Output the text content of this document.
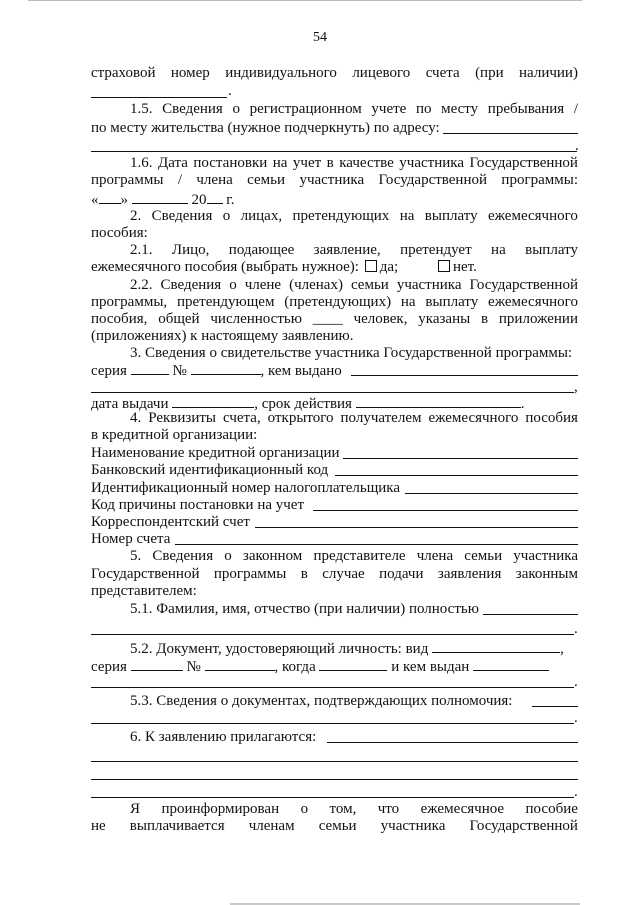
54
страховой номер индивидуального лицевого счета (при наличии)
.
1.5. Сведения о регистрационном учете по месту пребывания /
по месту жительства (нужное подчеркнуть) по адресу:
.
1.6. Дата постановки на учет в качестве участника Государственной
программы / члена семьи участника Государственной программы:
« »	20 г.
2. Сведения о лицах, претендующих на выплату ежемесячного
пособия:
2.1. Лицо, подающее заявление, претендует на выплату
ежемесячного пособия (выбрать нужное): да;	нет.
2.2. Сведения о члене (членах) семьи участника Государственной
программы, претендующем (претендующих) на выплату ежемесячного
пособия, общей численностью ____ человек, указаны в приложении
(приложениях) к настоящему заявлению.
3. Сведения о свидетельстве участника Государственной программы:
серия	№	, кем выдано
,
дата выдачи	, срок действия	.
4. Реквизиты счета, открытого получателем ежемесячного пособия
в кредитной организации:
Наименование кредитной организации
Банковский идентификационный код
Идентификационный номер налогоплательщика
Код причины постановки на учет
Корреспондентский счет
Номер счета
5. Сведения о законном представителе члена семьи участника
Государственной программы в случае подачи заявления законным
представителем:
5.1. Фамилия, имя, отчество (при наличии) полностью
.
5.2. Документ, удостоверяющий личность: вид	,
серия	№	, когда	и кем выдан
.
5.3. Сведения о документах, подтверждающих полномочия:
.
6. К заявлению прилагаются:
.
Я проинформирован о том, что ежемесячное пособие
не выплачивается членам семьи участника Государственной
